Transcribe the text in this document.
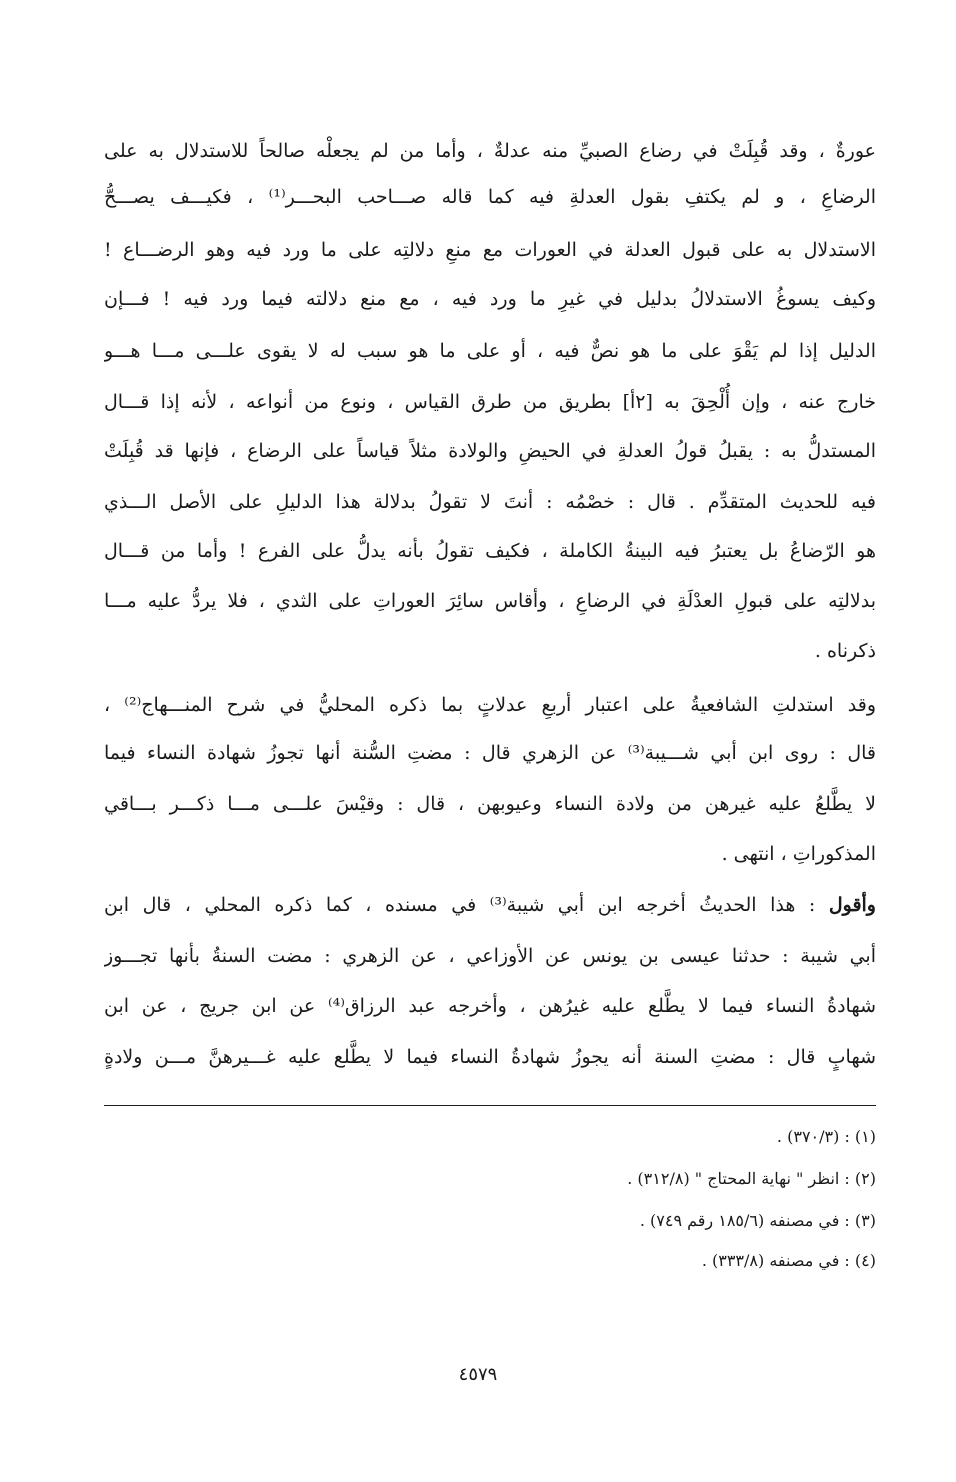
عورةٌ ، وقد قُبِلَتْ في رضاع الصبيِّ منه عدلةٌ ، وأما من لم يجعلْه صالحاً للاستدلال به على
الرضاعِ ، و لم يكتفِ بقول العدلةِ فيه كما قاله صـــاحب البحـــر⁽¹⁾ ، فكيـــف يصـــحُّ
الاستدلال به على قبول العدلة في العورات مع منعِ دلالتِه على ما ورد فيه وهو الرضـــاع !
وكيف يسوغُ الاستدلالُ بدليل في غيرِ ما ورد فيه ، مع منع دلالته فيما ورد فيه ! فـــإن
الدليل إذا لم يَقْوَ على ما هو نصٌّ فيه ، أو على ما هو سبب له لا يقوى علـــى مـــا هـــو
خارج عنه ، وإن أُلْحِقَ به [٢أ] بطريق من طرق القياس ، ونوع من أنواعه ، لأنه إذا قـــال
المستدلُّ به : يقبلُ قولُ العدلةِ في الحيضِ والولادة مثلاً قياساً على الرضاع ، فإنها قد قُبِلَتْ
فيه للحديث المتقدِّم . قال : خصْمُه : أنتَ لا تقولُ بدلالة هذا الدليلِ على الأصل الـــذي
هو الرّضاعُ بل يعتبرُ فيه البينةُ الكاملة ، فكيف تقولُ بأنه يدلُّ على الفرع ! وأما من قـــال
بدلالتِه على قبولِ العدْلَةِ في الرضاعِ ، وأقاس سائِرَ العوراتِ على الثدي ، فلا يردُّ عليه مـــا
ذكرناه .
وقد استدلتِ الشافعيةُ على اعتبار أربعِ عدلاتٍ بما ذكره المحليُّ في شرح المنـــهاج⁽²⁾ ،
قال : روى ابن أبي شـــيبة⁽³⁾ عن الزهري قال : مضتِ السُّنة أنها تجوزُ شهادة النساء فيما
لا يطَّلعُ عليه غيرهن من ولادة النساء وعيوبهن ، قال : وقيْسَ علـــى مـــا ذكـــر بـــاقي
المذكوراتِ ، انتهى .
وأقول : هذا الحديثُ أخرجه ابن أبي شيبة⁽³⁾ في مسنده ، كما ذكره المحلي ، قال ابن
أبي شيبة : حدثنا عيسى بن يونس عن الأوزاعي ، عن الزهري : مضت السنةُ بأنها تجـــوز
شهادةُ النساء فيما لا يطَّلع عليه غيرُهن ، وأخرجه عبد الرزاق⁽⁴⁾ عن ابن جريج ، عن ابن
شهابٍ قال : مضتِ السنة أنه يجوزُ شهادةُ النساء فيما لا يطَّلع عليه غـــيرهنَّ مـــن ولادةٍ
(١) : (٣٧٠/٣) .
(٢) : انظر " نهاية المحتاج " (٣١٢/٨) .
(٣) : في مصنفه (١٨٥/٦ رقم ٧٤٩) .
(٤) : في مصنفه (٣٣٣/٨) .
٤٥٧٩
